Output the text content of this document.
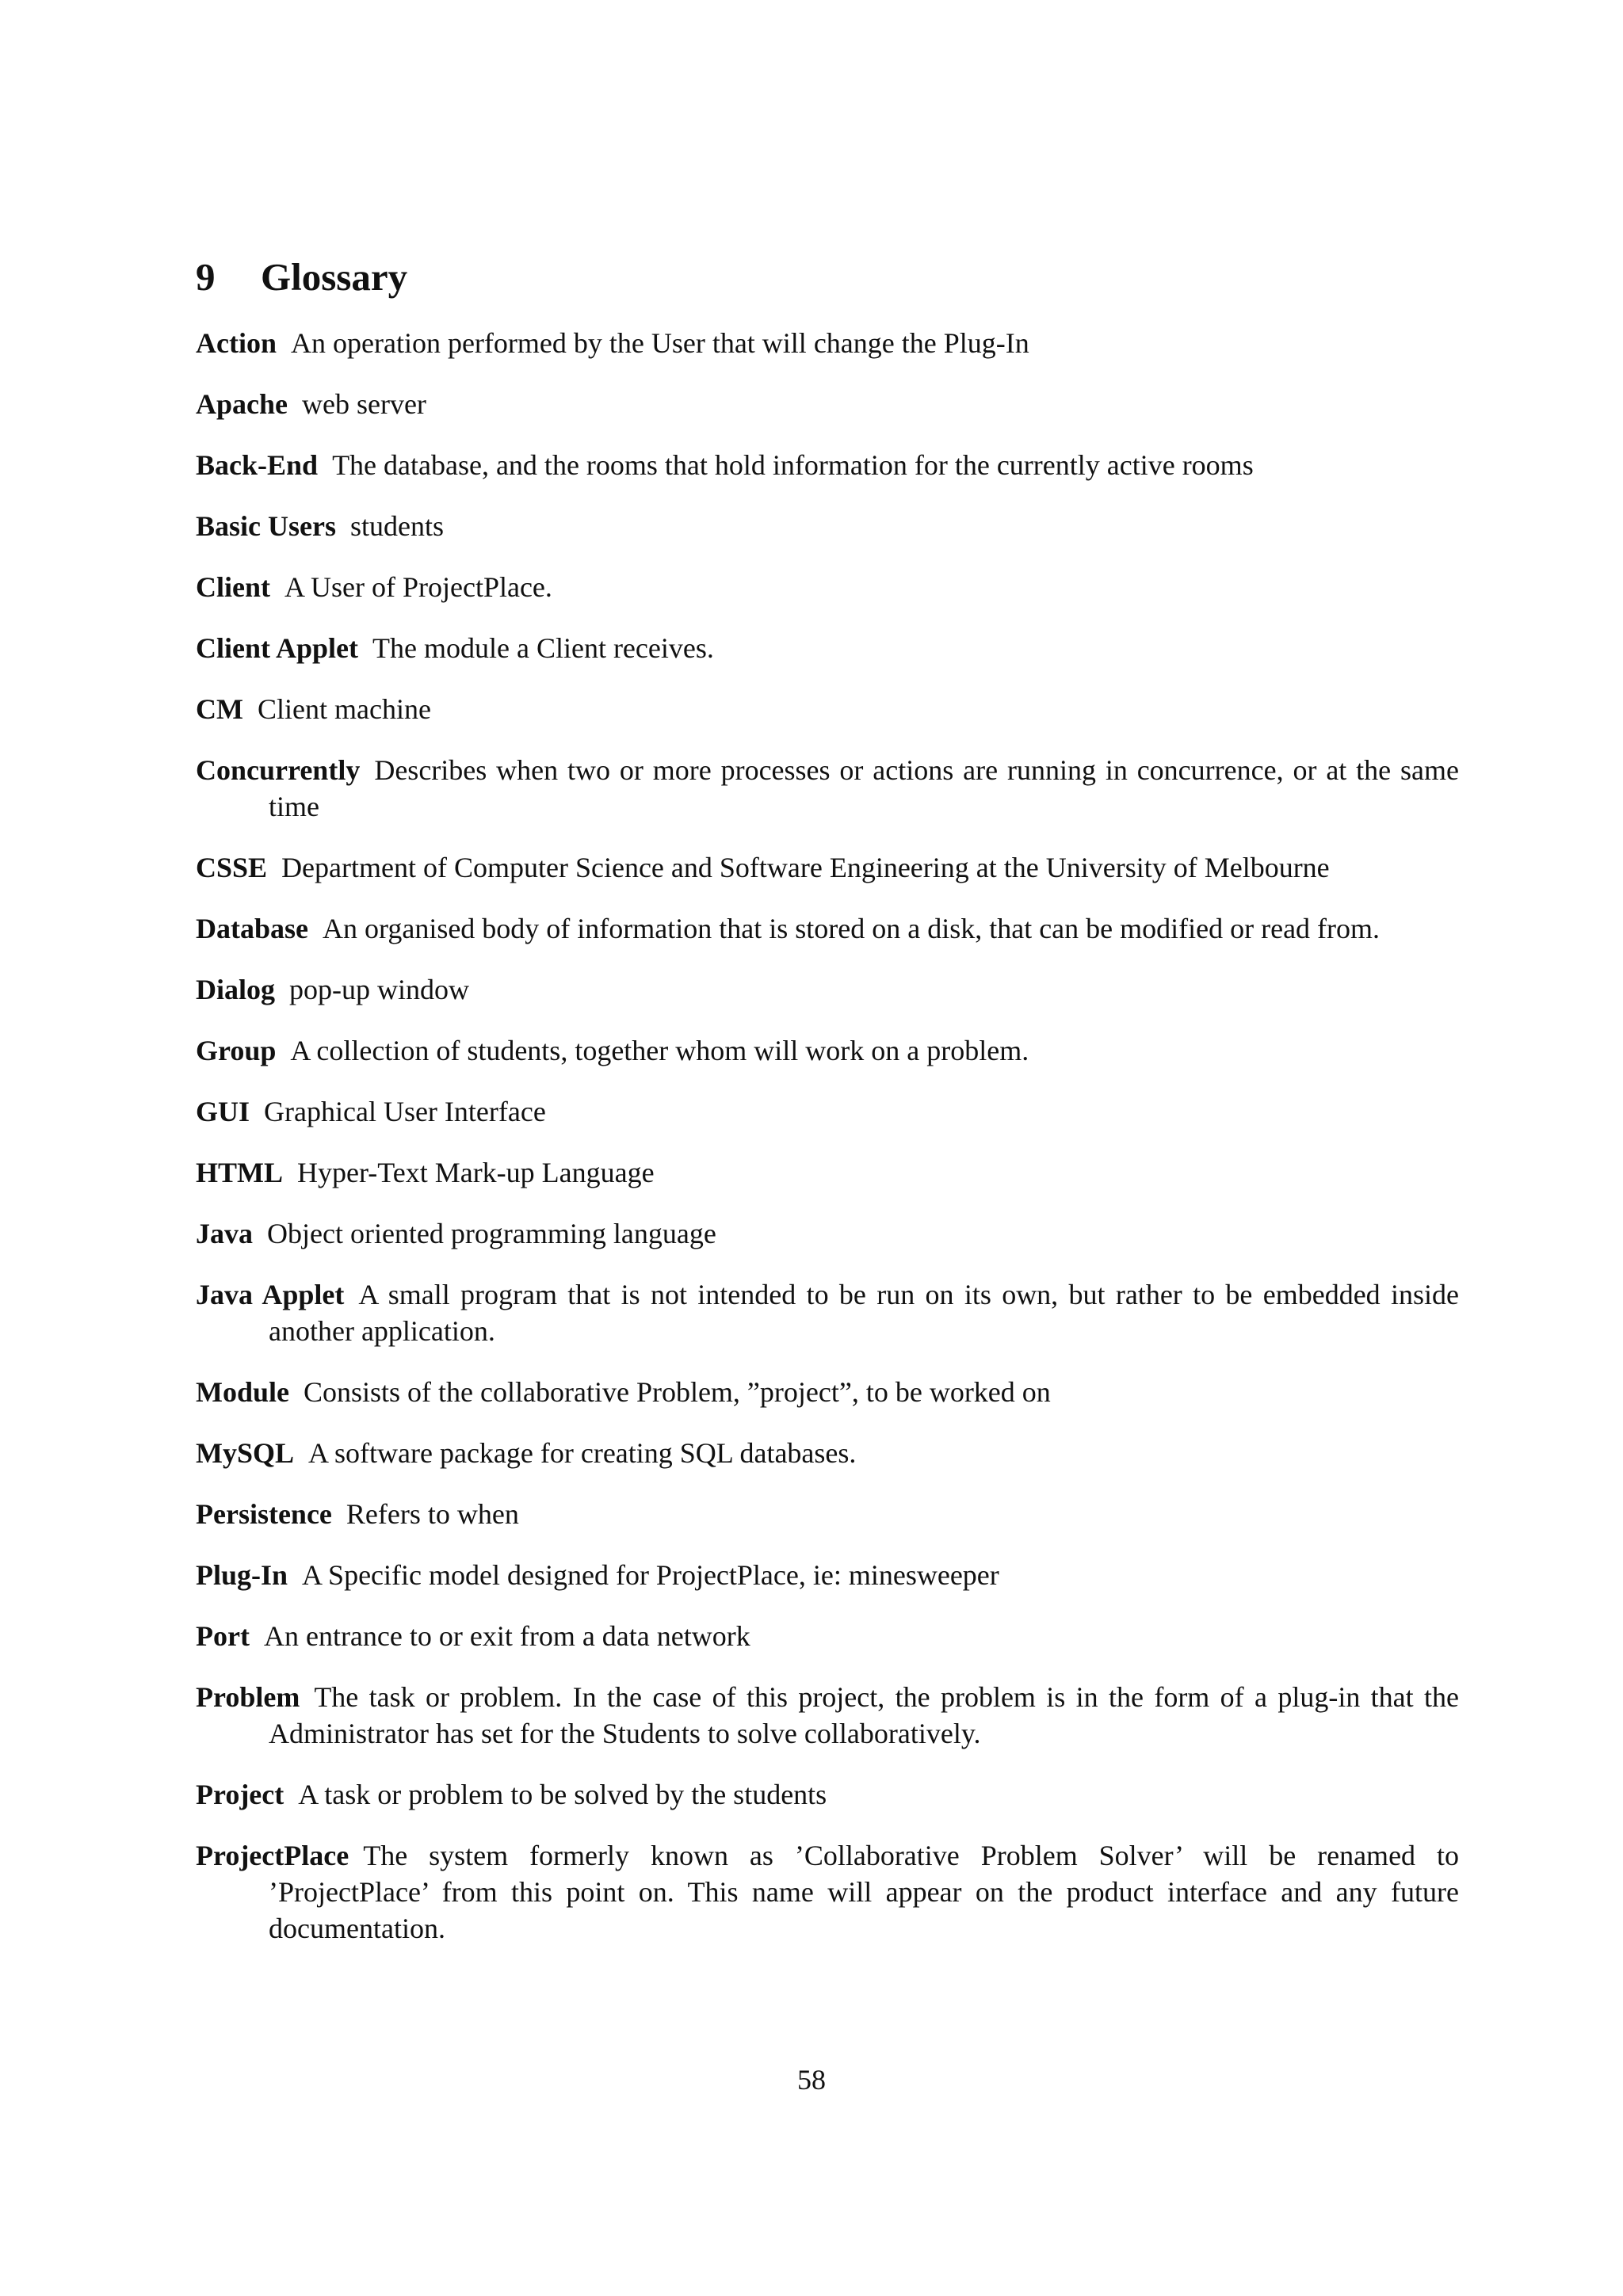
9 Glossary

Action An operation performed by the User that will change the Plug-In

Apache web server

Back-End The database, and the rooms that hold information for the currently active rooms

Basic Users students

Client A User of ProjectPlace.

Client Applet The module a Client receives.

CM Client machine

Concurrently Describes when two or more processes or actions are running in concurrence, or at the same time

CSSE Department of Computer Science and Software Engineering at the University of Melbourne

Database An organised body of information that is stored on a disk, that can be modified or read from.

Dialog pop-up window

Group A collection of students, together whom will work on a problem.

GUI Graphical User Interface

HTML Hyper-Text Mark-up Language

Java Object oriented programming language

Java Applet A small program that is not intended to be run on its own, but rather to be embedded inside another application.

Module Consists of the collaborative Problem, ”project”, to be worked on

MySQL A software package for creating SQL databases.

Persistence Refers to when

Plug-In A Specific model designed for ProjectPlace, ie: minesweeper

Port An entrance to or exit from a data network

Problem The task or problem. In the case of this project, the problem is in the form of a plug-in that the Administrator has set for the Students to solve collaboratively.

Project A task or problem to be solved by the students

ProjectPlace The system formerly known as ’Collaborative Problem Solver’ will be renamed to ’ProjectPlace’ from this point on. This name will appear on the product interface and any future documentation.

58
